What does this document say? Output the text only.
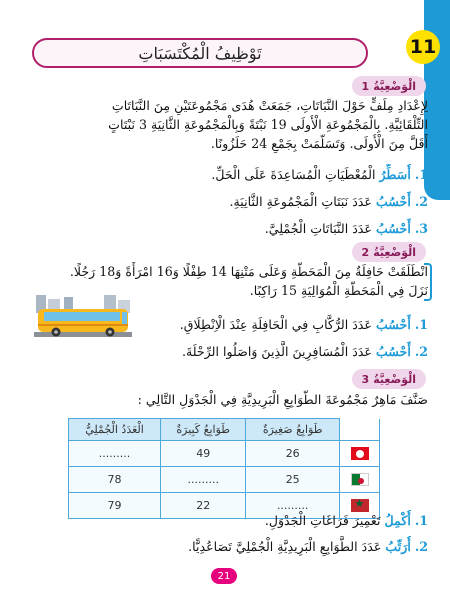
11
تَوْظِيفُ الْمُكْتَسَبَاتِ
الْوَضْعِيَّةُ
1
لِإِعْدَادِ مِلَفٍّ حَوْلَ النَّبَاتَاتِ، جَمَعَتْ هُدَى مَجْمُوعَتَيْنِ مِنَ النَّبَاتَاتِ
التِّلْقَائِيَّةِ. بِالْمَجْمُوعَةِ الْأُولَى 19 نَبْتَةً وَبِالْمَجْمُوعَةِ الثَّانِيَةِ 3 نَبْتَاتٍ
أَقَلَّ مِنَ الْأُولَى. وَتَسَلَّمَتْ بِجَمْعِ 24 حَلَزُونًا.
1. أُسَطِّرُ الْمُعْطَيَاتِ الْمُسَاعِدَةَ عَلَى الْحَلِّ.
2. أَحْسُبُ عَدَدَ نَبَتَاتِ الْمَجْمُوعَةِ الثَّانِيَةِ.
3. أَحْسُبُ عَدَدَ النَّبَاتَاتِ الْجُمْلِيَّ.
الْوَضْعِيَّةُ
2
انْطَلَقَتْ حَافِلَةٌ مِنَ الْمَحَطَّةِ وَعَلَى مَتْنِهَا 14 طِفْلًا وَ16 امْرَأَةً وَ18 رَجُلًا.
نَزَلَ فِي الْمَحَطَّةِ الْمُوَالِيَةِ 15 رَاكِبًا.
1. أَحْسُبُ عَدَدَ الرُّكَّابِ فِي الْحَافِلَةِ عِنْدَ الْاِنْطِلَاقِ.
2. أَحْسُبُ عَدَدَ الْمُسَافِرِينَ الَّذِينَ وَاصَلُوا الرِّحْلَةَ.
الْوَضْعِيَّةُ
3
صَنَّفَ مَاهِرٌ مَجْمُوعَةَ الطَّوَابِعِ الْبَرِيدِيَّةِ فِي الْجَدْوَلِ التَّالِي :
	طَوَابِعُ صَغِيرَةٌ	طَوَابِعُ كَبِيرَةٌ	الْعَدَدُ الْجُمْلِيُّ
	26	49	.........
	25	.........	78
★	.........	22	79
1. أُكْمِلُ تَعْمِيرَ فَرَاغَاتِ الْجَدْوَلِ.
2. أُرَتِّبُ عَدَدَ الطَّوَابِعِ الْبَرِيدِيَّةِ الْجُمْلِيَّ تَصَاعُدِيًّا.
21
